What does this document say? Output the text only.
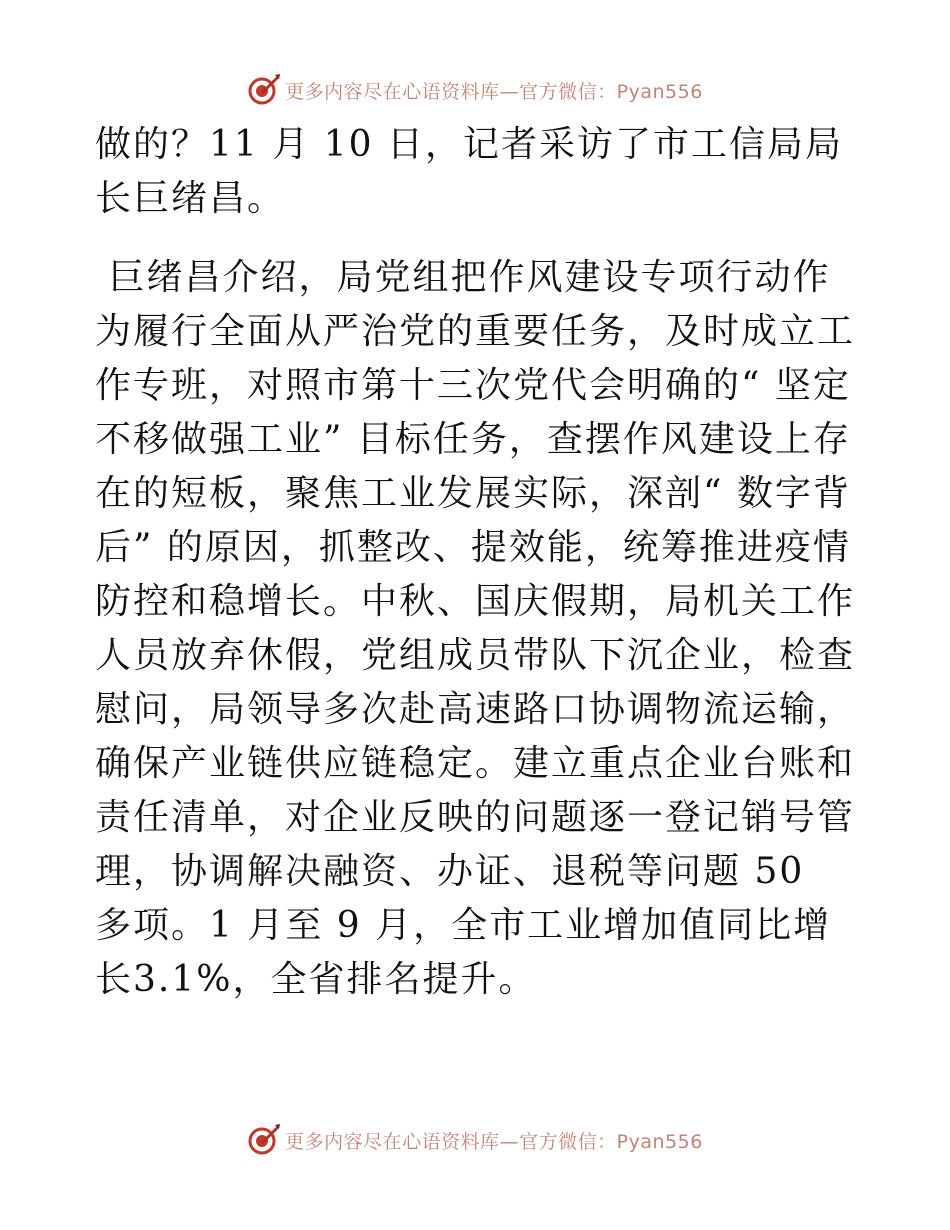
更多内容尽在心语资料库—官方微信：Pyan556

做的？11 月 10 日，记者采访了市工信局局长巨绪昌。

巨绪昌介绍，局党组把作风建设专项行动作为履行全面从严治党的重要任务，及时成立工作专班，对照市第十三次党代会明确的“ 坚定不移做强工业” 目标任务，查摆作风建设上存在的短板，聚焦工业发展实际，深剖“ 数字背后” 的原因，抓整改、提效能，统筹推进疫情防控和稳增长。中秋、国庆假期，局机关工作人员放弃休假，党组成员带队下沉企业，检查慰问，局领导多次赴高速路口协调物流运输，确保产业链供应链稳定。建立重点企业台账和责任清单，对企业反映的问题逐一登记销号管理，协调解决融资、办证、退税等问题 50 多项。1 月至 9 月，全市工业增加值同比增长3.1%，全省排名提升。

更多内容尽在心语资料库—官方微信：Pyan556
